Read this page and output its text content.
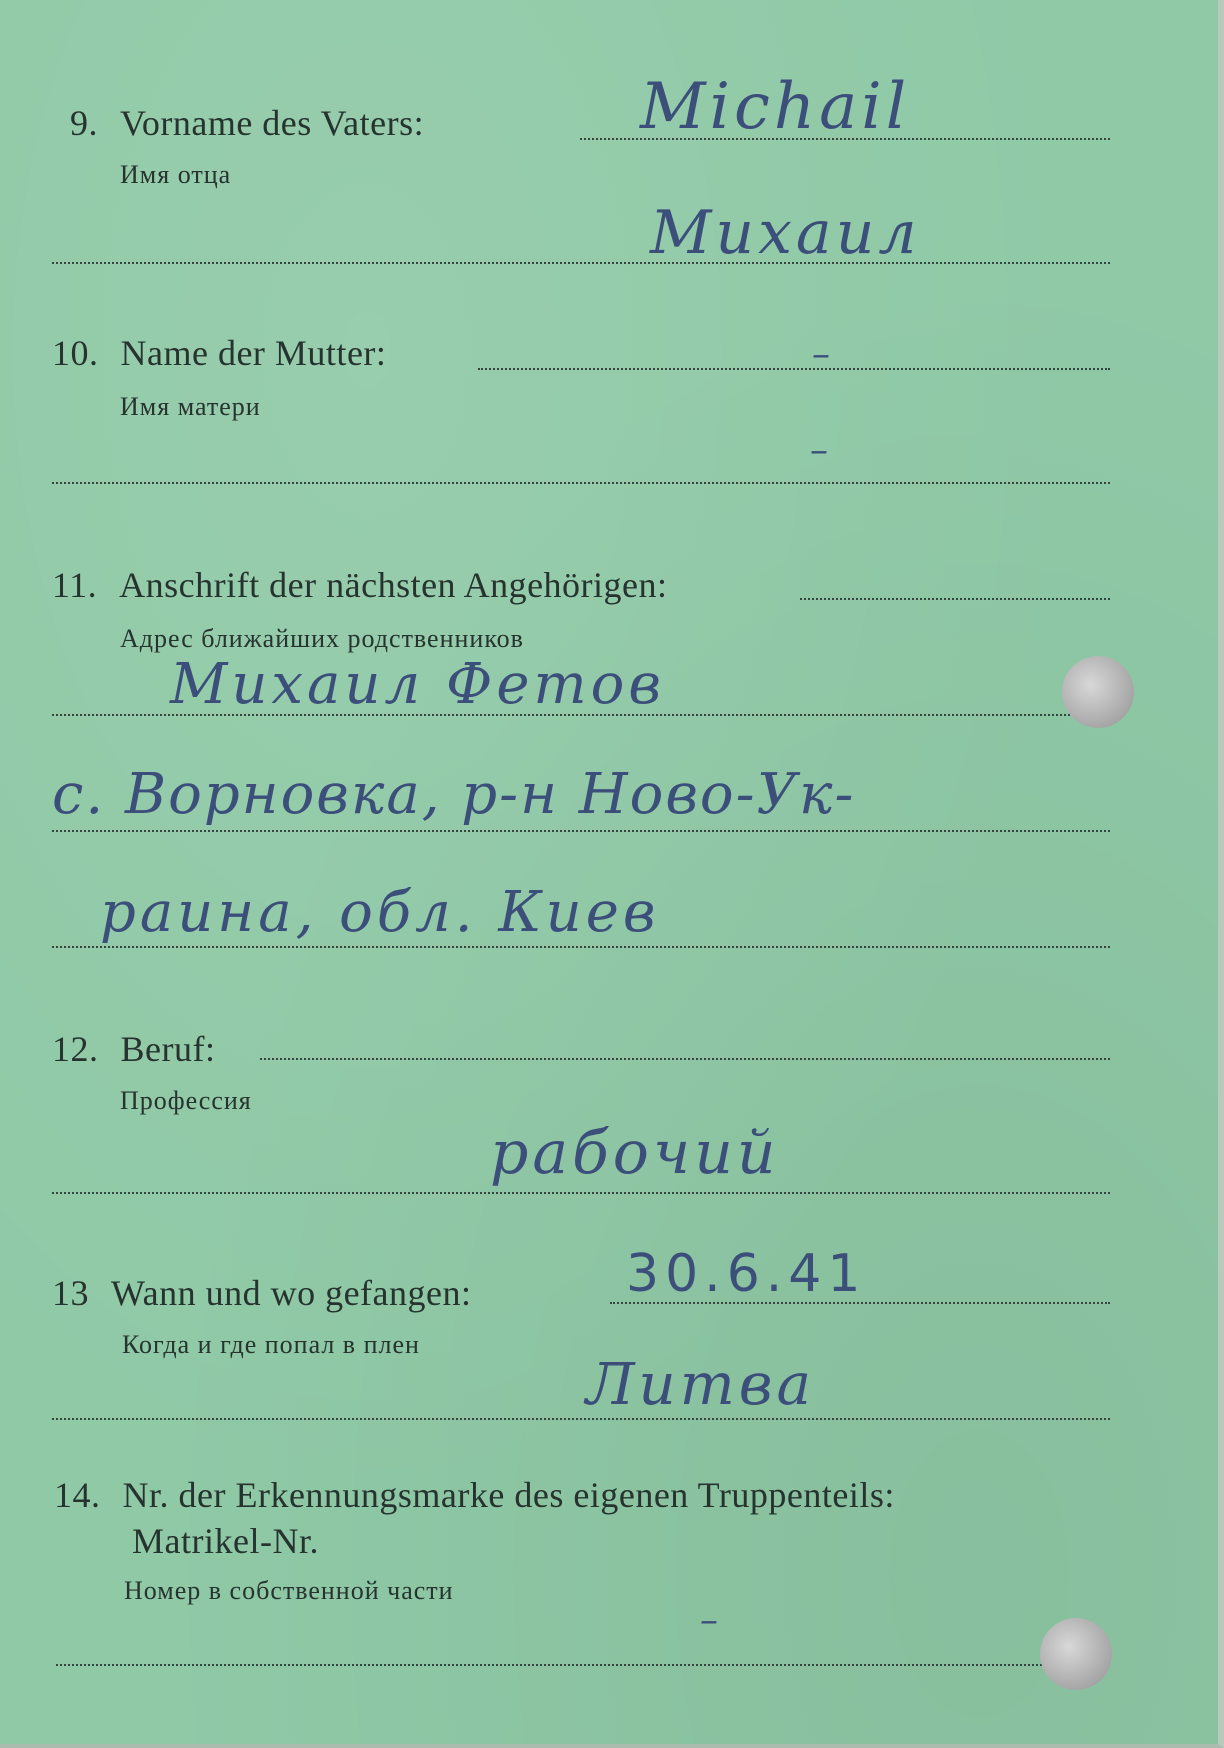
9. Vorname des Vaters:
Имя отца
Michail
Михаил
10. Name der Mutter:
Имя матери
–
–
11. Anschrift der nächsten Angehörigen:
Адрес ближайших родственников
Михаил Фетов
с. Ворновка, р-н Ново-Ук-
раина, обл. Киев
12. Beruf:
Профессия
рабочий
13 Wann und wo gefangen:
Когда и где попал в плен
30.6.41
Литва
14. Nr. der Erkennungsmarke des eigenen Truppenteils:
Matrikel-Nr.
Номер в собственной части
–
